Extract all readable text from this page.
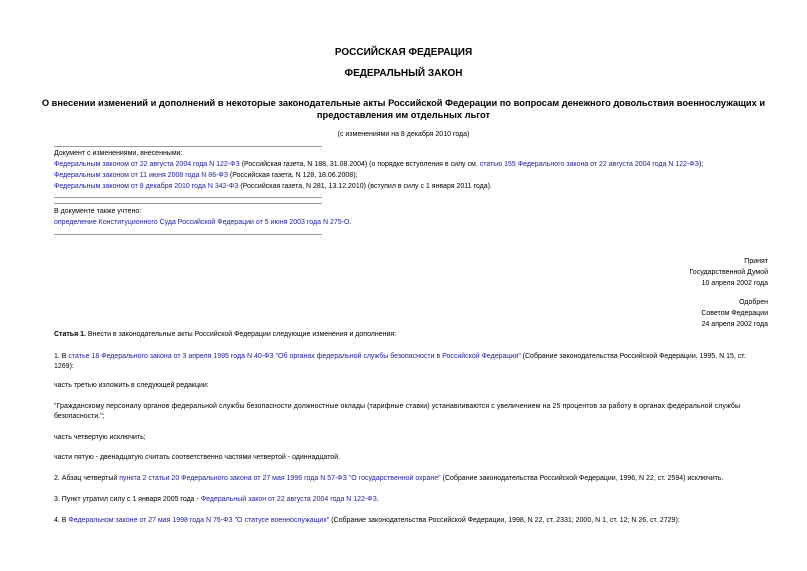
РОССИЙСКАЯ ФЕДЕРАЦИЯ
ФЕДЕРАЛЬНЫЙ ЗАКОН
О внесении изменений и дополнений в некоторые законодательные акты Российской Федерации по вопросам денежного довольствия военнослужащих и
предоставления им отдельных льгот
(с изменениями на 8 декабря 2010 года)
Документ с изменениями, внесенными:
Федеральным законом от 22 августа 2004 года N 122-ФЗ (Российская газета, N 188, 31.08.2004) (о порядке вступления в силу см. статью 155 Федерального закона от 22 августа 2004 года N 122-ФЗ);
Федеральным законом от 11 июня 2008 года N 86-ФЗ (Российская газета, N 128, 18.06.2008);
Федеральным законом от 8 декабря 2010 года N 342-ФЗ (Российская газета, N 281, 13.12.2010) (вступил в силу с 1 января 2011 года).
В документе также учтено:
определение Конституционного Суда Российской Федерации от 5 июня 2003 года N 275-О.
Принят
Государственной Думой
10 апреля 2002 года
Одобрен
Советом Федерации
24 апреля 2002 года
Статья 1. Внести в законодательные акты Российской Федерации следующие изменения и дополнения:
1. В статье 18 Федерального закона от 3 апреля 1995 года N 40-ФЗ "Об органах федеральной службы безопасности в Российской Федерации" (Собрание законодательства Российской Федерации, 1995, N 15, ст.
1269):
часть третью изложить в следующей редакции:
"Гражданскому персоналу органов федеральной службы безопасности должностные оклады (тарифные ставки) устанавливаются с увеличением на 25 процентов за работу в органах федеральной службы
безопасности.";
часть четвертую исключить;
части пятую - двенадцатую считать соответственно частями четвертой - одиннадцатой.
2. Абзац четвертый пункта 2 статьи 20 Федерального закона от 27 мая 1996 года N 57-ФЗ "О государственной охране" (Собрание законодательства Российской Федерации, 1996, N 22, ст. 2594) исключить.
3. Пункт утратил силу с 1 января 2005 года - Федеральный закон от 22 августа 2004 года N 122-ФЗ.
4. В Федеральном законе от 27 мая 1998 года N 76-ФЗ "О статусе военнослужащих" (Собрание законодательства Российской Федерации, 1998, N 22, ст. 2331; 2000, N 1, ст. 12; N 26, ст. 2729):
